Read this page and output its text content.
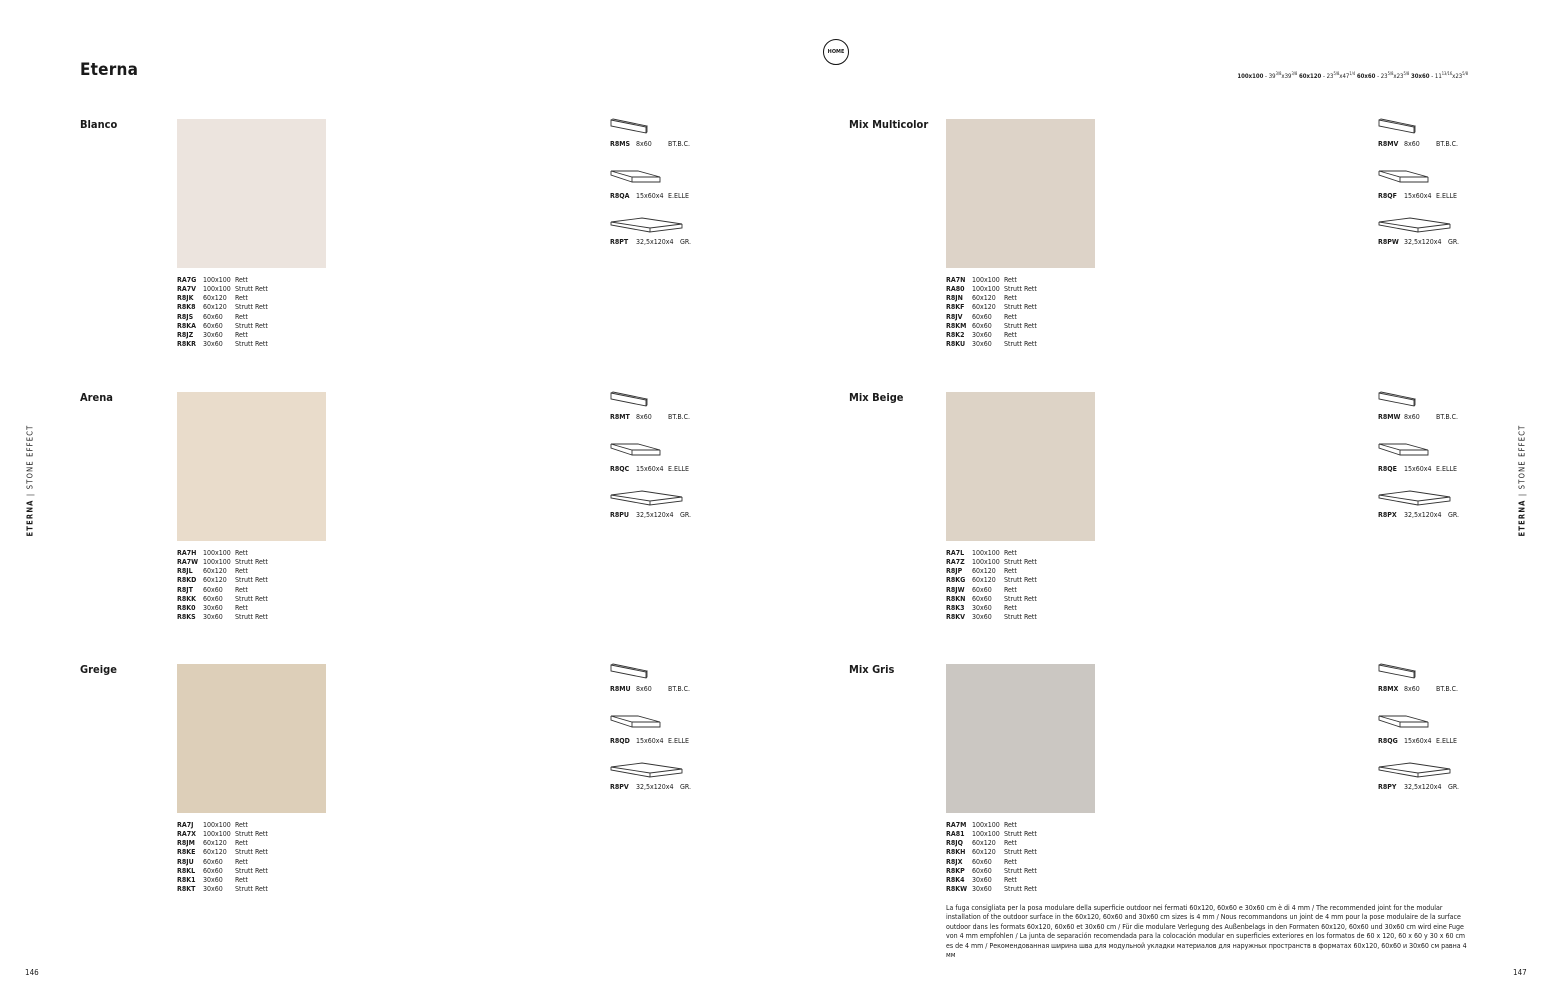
Eterna
HOME
$100x100 - 39^{3/8}x39^{3/8}$ $60x120 - 23^{5/8}x47^{1/4}$ $60x60 - 23^{5/8}x23^{5/8}$ $30x60 - 11^{13/16}x23^{5/8}$
ETERNA | STONE EFFECT
ETERNA | STONE EFFECT
146	147
Blanco
RA7G 100x100 Rett
RA7V	100x100 Strutt Rett
R8JK	60x120	Rett
R8K8	60x120	Strutt Rett
R8JS	60x60	Rett
R8KA	60x60	Strutt Rett
R8JZ	30x60	Rett
R8KR	30x60	Strutt Rett
R8MS 8x60 BT.B.C.
R8QA 15x60x4 E.ELLE
R8PT 32,5x120x4 GR.
Arena
RA7H 100x100 Rett
RA7W 100x100 Strutt Rett
R8JL	60x120	Rett
R8KD 60x120	Strutt Rett
R8JT	60x60	Rett
R8KK	60x60	Strutt Rett
R8K0	30x60	Rett
R8KS	30x60	Strutt Rett
R8MT 8x60 BT.B.C.
R8QC 15x60x4 E.ELLE
R8PU 32,5x120x4 GR.
Greige
RA7J	100x100 Rett
RA7X	100x100 Strutt Rett
R8JM	60x120	Rett
R8KE	60x120	Strutt Rett
R8JU	60x60	Rett
R8KL	60x60	Strutt Rett
R8K1	30x60	Rett
R8KT	30x60	Strutt Rett
R8MU 8x60 BT.B.C.
R8QD 15x60x4 E.ELLE
R8PV 32,5x120x4 GR.
Mix Multicolor
RA7N 100x100 Rett
RA80	100x100 Strutt Rett
R8JN	60x120	Rett
R8KF	60x120	Strutt Rett
R8JV	60x60	Rett
R8KM 60x60	Strutt Rett
R8K2	30x60	Rett
R8KU 30x60	Strutt Rett
R8MV 8x60 BT.B.C.
R8QF 15x60x4 E.ELLE
R8PW 32,5x120x4 GR.
Mix Beige
RA7L	100x100 Rett
RA7Z	100x100 Strutt Rett
R8JP	60x120	Rett
R8KG 60x120	Strutt Rett
R8JW	60x60	Rett
R8KN 60x60	Strutt Rett
R8K3	30x60	Rett
R8KV	30x60	Strutt Rett
R8MW 8x60 BT.B.C.
R8QE 15x60x4 E.ELLE
R8PX 32,5x120x4 GR.
Mix Gris
RA7M 100x100 Rett
RA81	100x100 Strutt Rett
R8JQ	60x120	Rett
R8KH 60x120	Strutt Rett
R8JX	60x60	Rett
R8KP	60x60	Strutt Rett
R8K4	30x60	Rett
R8KW 30x60	Strutt Rett
R8MX 8x60 BT.B.C.
R8QG 15x60x4 E.ELLE
R8PY 32,5x120x4 GR.
La fuga consigliata per la posa modulare della superficie outdoor nei fermati 60x120, 60x60 e 30x60 cm è di 4 mm / The recommended joint for the modular installation of the outdoor surface in the 60x120, 60x60 and 30x60 cm sizes is 4 mm / Nous recommandons un joint de 4 mm pour la pose modulaire de la surface outdoor dans les formats 60x120, 60x60 et 30x60 cm / Für die modulare Verlegung des Außenbelags in den Formaten 60x120, 60x60 und 30x60 cm wird eine Fuge von 4 mm empfohlen / La junta de separación recomendada para la colocación modular en superficies exteriores en los formatos de 60 x 120, 60 x 60 y 30 x 60 cm es de 4 mm / Рекомендованная ширина шва для модульной укладки материалов для наружных пространств в форматах 60x120, 60x60 и 30x60 см равна 4 мм
